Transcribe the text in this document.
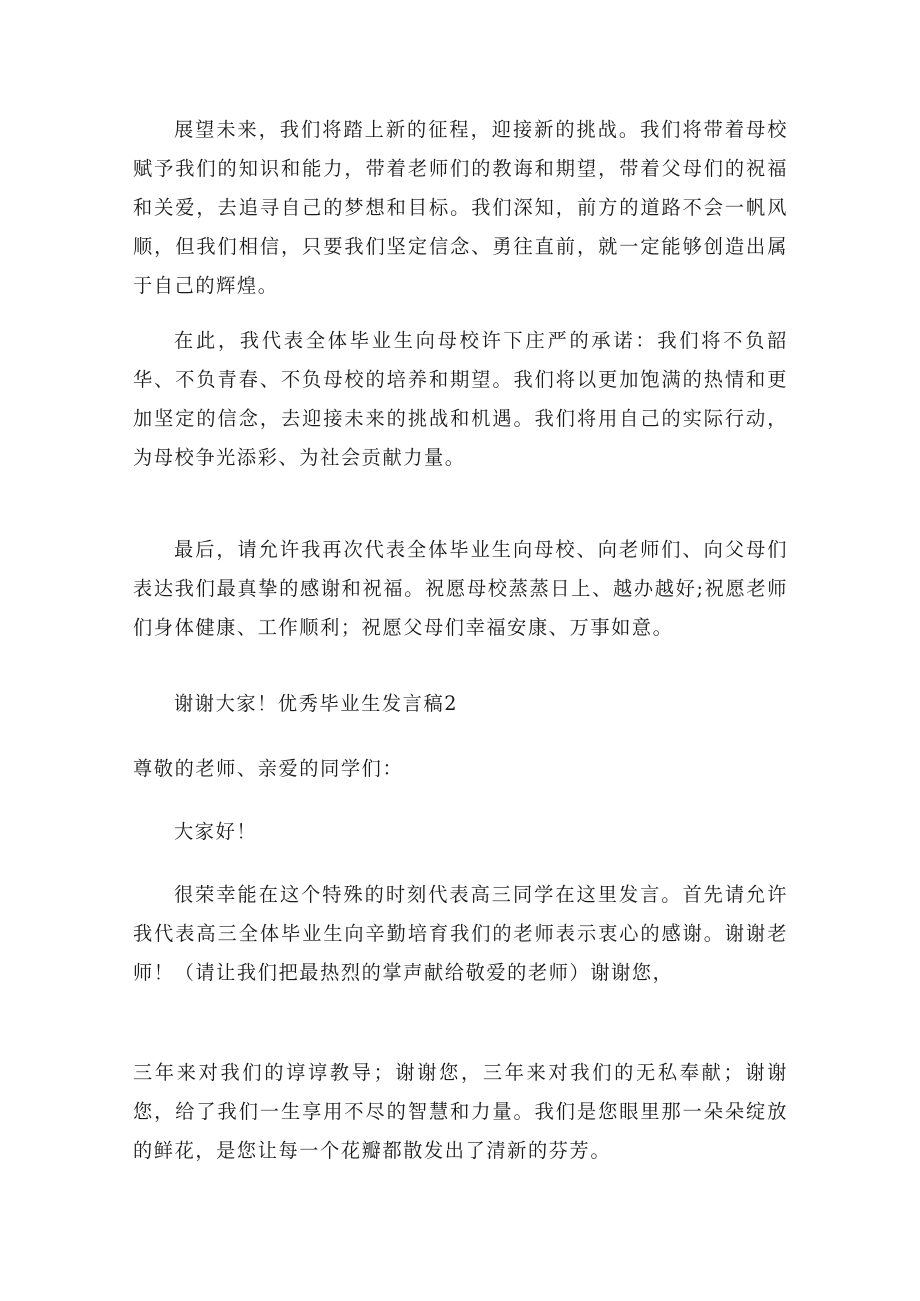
展望未来，我们将踏上新的征程，迎接新的挑战。我们将带着母校赋予我们的知识和能力，带着老师们的教诲和期望，带着父母们的祝福和关爱，去追寻自己的梦想和目标。我们深知，前方的道路不会一帆风顺，但我们相信，只要我们坚定信念、勇往直前，就一定能够创造出属于自己的辉煌。

在此，我代表全体毕业生向母校许下庄严的承诺：我们将不负韶华、不负青春、不负母校的培养和期望。我们将以更加饱满的热情和更加坚定的信念，去迎接未来的挑战和机遇。我们将用自己的实际行动，为母校争光添彩、为社会贡献力量。

最后，请允许我再次代表全体毕业生向母校、向老师们、向父母们表达我们最真挚的感谢和祝福。祝愿母校蒸蒸日上、越办越好;祝愿老师们身体健康、工作顺利；祝愿父母们幸福安康、万事如意。

谢谢大家！优秀毕业生发言稿2

尊敬的老师、亲爱的同学们：

大家好！

很荣幸能在这个特殊的时刻代表高三同学在这里发言。首先请允许我代表高三全体毕业生向辛勤培育我们的老师表示衷心的感谢。谢谢老师！（请让我们把最热烈的掌声献给敬爱的老师）谢谢您，

三年来对我们的谆谆教导；谢谢您，三年来对我们的无私奉献；谢谢您，给了我们一生享用不尽的智慧和力量。我们是您眼里那一朵朵绽放的鲜花，是您让每一个花瓣都散发出了清新的芬芳。
